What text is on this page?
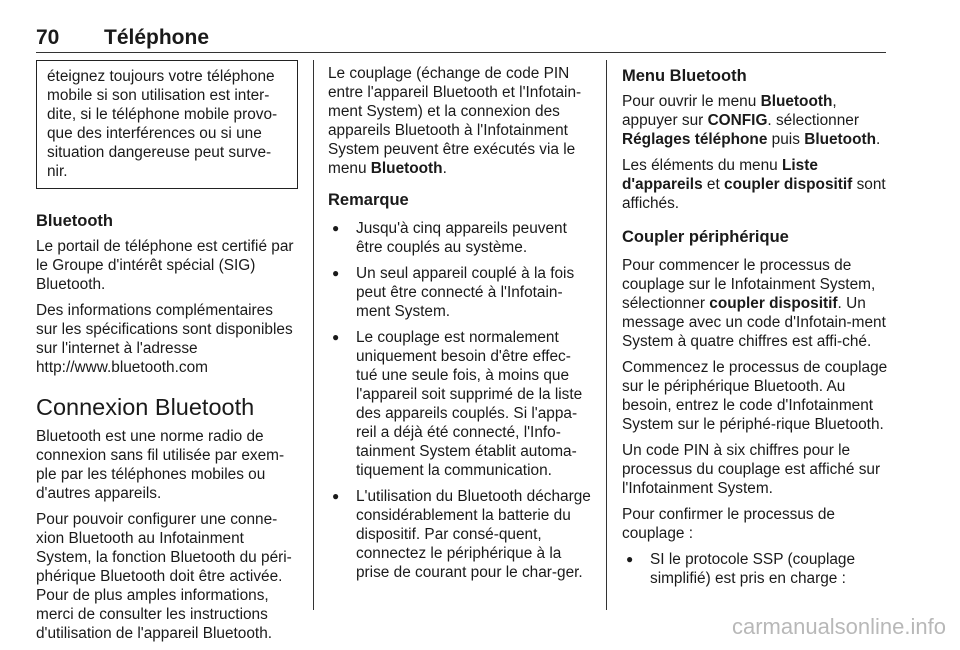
70 Téléphone
éteignez toujours votre téléphone mobile si son utilisation est inter-dite, si le téléphone mobile provo-que des interférences ou si une situation dangereuse peut surve-nir.
Bluetooth

Le portail de téléphone est certifié par le Groupe d'intérêt spécial (SIG) Bluetooth.

Des informations complémentaires sur les spécifications sont disponibles sur l'internet à l'adresse
http://www.bluetooth.com

Connexion Bluetooth

Bluetooth est une norme radio de connexion sans fil utilisée par exem-ple par les téléphones mobiles ou d'autres appareils.

Pour pouvoir configurer une conne-xion Bluetooth au Infotainment System, la fonction Bluetooth du péri-phérique Bluetooth doit être activée. Pour de plus amples informations, merci de consulter les instructions d'utilisation de l'appareil Bluetooth.

Le couplage (échange de code PIN entre l'appareil Bluetooth et l'Infotain-ment System) et la connexion des appareils Bluetooth à l'Infotainment System peuvent être exécutés via le menu Bluetooth.

Remarque
● Jusqu'à cinq appareils peuvent être couplés au système.
● Un seul appareil couplé à la fois peut être connecté à l'Infotain-ment System.
● Le couplage est normalement uniquement besoin d'être effec-tué une seule fois, à moins que l'appareil soit supprimé de la liste des appareils couplés. Si l'appa-reil a déjà été connecté, l'Info-tainment System établit automa-tiquement la communication.
● L'utilisation du Bluetooth décharge considérablement la batterie du dispositif. Par consé-quent, connectez le périphérique à la prise de courant pour le char-ger.
Menu Bluetooth

Pour ouvrir le menu Bluetooth, appuyer sur CONFIG. sélectionner Réglages téléphone puis Bluetooth.

Les éléments du menu Liste d'appareils et coupler dispositif sont affichés.

Coupler périphérique

Pour commencer le processus de couplage sur le Infotainment System, sélectionner coupler dispositif. Un message avec un code d'Infotain-ment System à quatre chiffres est affi-ché.

Commencez le processus de couplage sur le périphérique Bluetooth. Au besoin, entrez le code d'Infotainment System sur le périphé-rique Bluetooth.

Un code PIN à six chiffres pour le processus du couplage est affiché sur l'Infotainment System.

Pour confirmer le processus de couplage :

● SI le protocole SSP (couplage simplifié) est pris en charge :
carmanualsonline.info
